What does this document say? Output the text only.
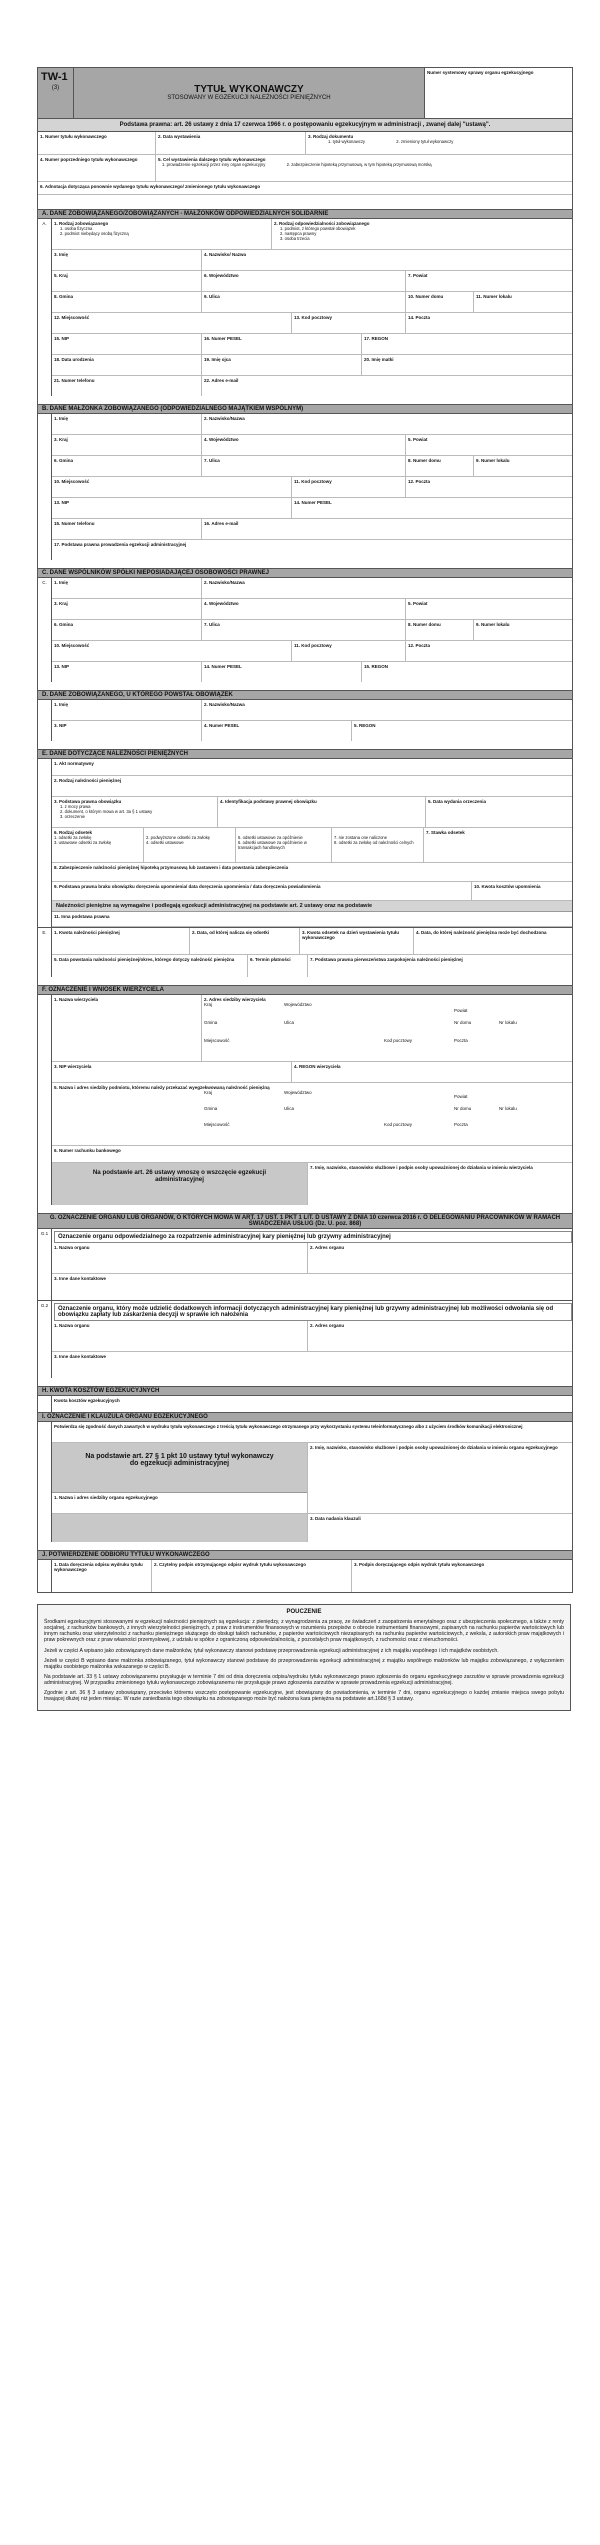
TW-1
(3)	TYTUŁ WYKONAWCZY
STOSOWANY W EGZEKUCJI NALEŻNOŚCI PIENIĘŻNYCH
Numer systemowy sprawy organu egzekucyjnego
Podstawa prawna: art. 26 ustawy z dnia 17 czerwca 1966 r. o postępowaniu egzekucyjnym w administracji , zwanej dalej "ustawą".
1. Numer tytułu wykonawczego	2. Data wystawienia	3. Rodzaj dokumentu
1. tytuł wykonawczy	2. zmieniony tytuł wykonawczy
4. Numer poprzedniego tytułu wykonawczego	5. Cel wystawienia dalszego tytułu wykonawczego
1. prowadzenie egzekucji przez inny organ egzekucyjny	2. zabezpieczenie hipoteką przymusową, w tym hipoteką przymusową morską
6. Adnotacja dotycząca ponownie wydanego tytułu wykonawczego/ zmienionego tytułu wykonawczego
A. DANE ZOBOWIĄZANEGO/ZOBOWIĄZANYCH - MAŁŻONKÓW ODPOWIEDZIALNYCH SOLIDARNIE
A.	1. Rodzaj zobowiązanego
1. osoba fizyczna
2. podmiot niebędący osobą fizyczną
2. Rodzaj odpowiedzialności zobowiązanego
1. podmiot, z którego powstał obowiązek
2. następca prawny
3. osoba trzecia
3. Imię	4. Nazwisko/ Nazwa
5. Kraj	6. Województwo	7. Powiat
8. Gmina	9. Ulica	10. Numer domu	11. Numer lokalu
12. Miejscowość	13. Kod pocztowy	14. Poczta
15. NIP	16. Numer PESEL	17. REGON
18. Data urodzenia	19. Imię ojca	20. Imię matki
21. Numer telefonu	22. Adres e-mail
B. DANE MAŁŻONKA ZOBOWIĄZANEGO (ODPOWIEDZIALNEGO MAJĄTKIEM WSPÓLNYM)
1. Imię	2. Nazwisko/Nazwa
3. Kraj	4. Województwo	5. Powiat
6. Gmina	7. Ulica	8. Numer domu	9. Numer lokalu
10. Miejscowość	11. Kod pocztowy	12. Poczta
13. NIP	14. Numer PESEL
15. Numer telefonu	16. Adres e-mail
17. Podstawa prawna prowadzenia egzekucji administracyjnej
C. DANE WSPÓLNIKÓW SPÓŁKI NIEPOSIADAJĄCEJ OSOBOWOŚCI PRAWNEJ
C.	1. Imię	2. Nazwisko/Nazwa
3. Kraj	4. Województwo	5. Powiat
6. Gmina	7. Ulica	8. Numer domu	9. Numer lokalu
10. Miejscowość	11. Kod pocztowy	12. Poczta
13. NIP	14. Numer PESEL	15. REGON
D. DANE ZOBOWIĄZANEGO, U KTÓREGO POWSTAŁ OBOWIĄZEK
1. Imię	2. Nazwisko/Nazwa
3. NIP	4. Numer PESEL	5. REGON
E. DANE DOTYCZĄCE NALEŻNOŚCI PIENIĘŻNYCH
1. Akt normatywny
2. Rodzaj należności pieniężnej
3. Podstawa prawna obowiązku
1. z mocy prawa
2. dokument, o którym mowa w art. 3a § 1 ustawy
3. orzeczenie
4. Identyfikacja podstawy prawnej obowiązku	5. Data wydania orzeczenia
6. Rodzaj odsetek
1. odsetki za zwłokę
3. ustawowe odsetki za zwłokę
2. podwyższone odsetki za zwłokę
4. odsetki ustawowe
5. odsetki ustawowe za opóźnienie
6. odsetki ustawowe za opóźnienie w transakcjach handlowych
7. nie zostana one naliczone
8. odsetki za zwłokę od należności celnych
7. Stawka odsetek
8. Zabezpieczenie należności pieniężnej hipoteką przymusową lub zastawem i data powstania zabezpieczenia
9. Podstawa prawna braku obowiązku doręczenia upomnienia/ data doręczenia upomnienia / data doręczenia powiadomienia	10. Kwota kosztów upomnienia
Należności pieniężne są wymagalne i podlegają egzekucji administracyjnej na podstawie art. 2 ustawy oraz na podstawie
11. Inna podstawa prawna
E.	1. Kwota należności pieniężnej	2. Data, od której nalicza się odsetki	3. Kwota odsetek na dzień wystawienia tytułu wykonawczego
4. Data, do której należność pieniężna może być dochodzona
5. Data powstania należności pieniężnej/okres, którego dotyczy należność pieniężna	6. Termin płatności	7. Podstawa prawna pierwszeństwa zaspokojenia należności pieniężnej
F. OZNACZENIE I WNIOSEK WIERZYCIELA
1. Nazwa wierzyciela	2. Adres siedziby wierzyciela
Kraj	Województwo
Powiat
Gmina	Ulica	Nr domu	Nr lokalu
Miejscowość	Kod pocztowy	Poczta
3. NIP wierzyciela	4. REGON wierzyciela
5. Nazwa i adres siedziby podmiotu, któremu należy przekazać wyegzekwowaną należność pieniężną
Kraj	Województwo
Powiat
Gmina	Ulica	Nr domu	Nr lokalu
Miejscowość	Kod pocztowy	Poczta
6. Numer rachunku bankowego
Na podstawie art. 26 ustawy wnoszę o wszczęcie egzekucji administracyjnej
7. Imię, nazwisko, stanowisko służbowe i podpis osoby upoważnionej do działania w imieniu wierzyciela
G. OZNACZENIE ORGANU LUB ORGANÓW, O KTÓRYCH MOWA W ART. 17 UST. 1 PKT 1 LIT. D USTAWY Z DNIA 10 czerwca 2016 r. O DELEGOWANIU PRACOWNIKÓW W RAMACH ŚWIADCZENIA USŁUG (Dz. U. poz. 868)
G.1
Oznaczenie organu odpowiedzialnego za rozpatrzenie administracyjnej kary pieniężnej lub grzywny administracyjnej
1. Nazwa organu	2. Adres organu
3. Inne dane kontaktowe
G.2
Oznaczenie organu, który może udzielić dodatkowych informacji dotyczących administracyjnej kary pieniężnej lub grzywny administracyjnej lub możliwości odwołania się od obowiązku zapłaty lub zaskarżenia decyzji w sprawie ich nałożenia
1. Nazwa organu	2. Adres organu
3. Inne dane kontaktowe
H. KWOTA KOSZTÓW EGZEKUCYJNYCH
Kwota kosztów egzekucyjnych
I. OZNACZENIE I KLAUZULA ORGANU EGZEKUCYJNEGO
Potwierdza się zgodność danych zawartych w wydruku tytułu wykonawczego z treścią tytułu wykonawczego otrzymanego przy wykorzystaniu systemu teleinformatycznego albo z użyciem środków komunikacji elektronicznej
Na podstawie art. 27 § 1 pkt 10 ustawy tytuł wykonawczy do egzekucji administracyjnej
1. Nazwa i adres siedziby organu egzekucyjnego
2. Imię, nazwisko, stanowisko służbowe i podpis osoby upoważnionej do działania w imieniu organu egzekucyjnego
3. Data nadania klauzuli
J. POTWIERDZENIE ODBIORU TYTUŁU WYKONAWCZEGO
1. Data doręczenia odpisu wydruku tytułu wykonawczego
2. Czytelny podpis otrzymującego odpisr wydruk tytułu wykonawczego	3. Podpis doręczającego odpis wydruk tytułu wykonawczego
POUCZENIE

Środkami egzekucyjnymi stosowanymi w egzekucji należności pieniężnych są egzekucja: z pieniędzy, z wynagrodzenia za pracę, ze świadczeń z zaopatrzenia emerytalnego oraz z ubezpieczenia społecznego, a także z renty socjalnej, z rachunków bankowych, z innych wierzytelności pieniężnych, z praw z instrumentów finansowych w rozumieniu przepisów o obrocie instrumentami finansowymi, zapisanych na rachunku papierów wartościowych lub innym rachunku oraz wierzytelności z rachunku pieniężnego służącego do obsługi takich rachunków, z papierów wartościowych niezapisanych na rachunku papierów wartościowych, z weksla, z autorskich praw majątkowych i praw pokrewnych oraz z praw własności przemysłowej, z udziału w spółce z ograniczoną odpowiedzialnością, z pozostałych praw majątkowych, z ruchomości oraz z nieruchomości.

Jeżeli w części A wpisano jako zobowiązanych dane małżonków, tytuł wykonawczy stanowi podstawę przeprowadzenia egzekucji administracyjnej z ich majątku wspólnego i ich majątków osobistych.

Jeżeli w części B wpisano dane małżonka zobowiązanego, tytuł wykonawczy stanowi podstawę do przeprowadzenia egzekucji administracyjnej z majątku wspólnego małżonków lub majątku zobowiązanego, z wyłączeniem majątku osobistego małżonka wskazanego w części B.

Na podstawie art. 33 § 1 ustawy zobowiązanemu przysługuje w terminie 7 dni od dnia doręczenia odpisu/wydruku tytułu wykonawczego prawo zgłoszenia do organu egzekucyjnego zarzutów w sprawie prowadzenia egzekucji administracyjnej. W przypadku zmienionego tytułu wykonawczego zobowiązanemu nie przysługuje prawo zgłoszenia zarzutów w sprawie prowadzenia egzekucji administracyjnej.

Zgodnie z art. 36 § 3 ustawy zobowiązany, przeciwko któremu wszczęto postępowanie egzekucyjne, jest obowiązany do powiadomienia, w terminie 7 dni, organu egzekucyjnego o każdej zmianie miejsca swego pobytu trwającej dłużej niż jeden miesiąc. W razie zaniedbania tego obowiązku na zobowiązanego może być nałożona kara pieniężna na podstawie art.168d § 3 ustawy.
